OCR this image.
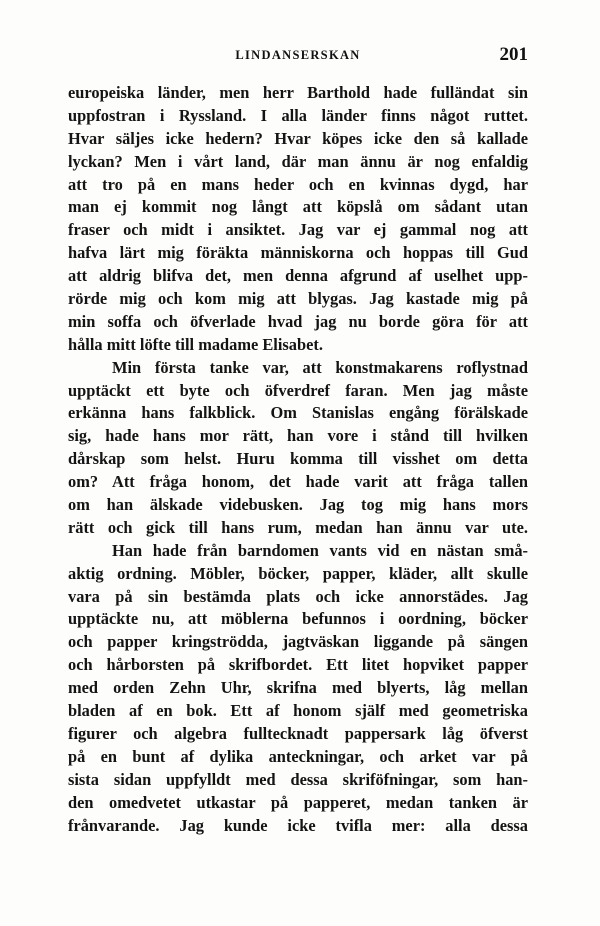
LINDANSERSKAN	201
europeiska länder, men herr Barthold hade fulländat sin
uppfostran i Ryssland. I alla länder finns något ruttet.
Hvar säljes icke hedern? Hvar köpes icke den så kallade
lyckan? Men i vårt land, där man ännu är nog enfaldig
att tro på en mans heder och en kvinnas dygd, har
man ej kommit nog långt att köpslå om sådant utan
fraser och midt i ansiktet. Jag var ej gammal nog att
hafva lärt mig föräkta människorna och hoppas till Gud
att aldrig blifva det, men denna afgrund af uselhet upp-
rörde mig och kom mig att blygas. Jag kastade mig på
min soffa och öfverlade hvad jag nu borde göra för att
hålla mitt löfte till madame Elisabet.
Min första tanke var, att konstmakarens roflystnad
upptäckt ett byte och öfverdref faran. Men jag måste
erkänna hans falkblick. Om Stanislas engång förälskade
sig, hade hans mor rätt, han vore i stånd till hvilken
dårskap som helst. Huru komma till visshet om detta
om? Att fråga honom, det hade varit att fråga tallen
om han älskade videbusken. Jag tog mig hans mors
rätt och gick till hans rum, medan han ännu var ute.
Han hade från barndomen vants vid en nästan små-
aktig ordning. Möbler, böcker, papper, kläder, allt skulle
vara på sin bestämda plats och icke annorstädes. Jag
upptäckte nu, att möblerna befunnos i oordning, böcker
och papper kringströdda, jagtväskan liggande på sängen
och hårborsten på skrifbordet. Ett litet hopviket papper
med orden Zehn Uhr, skrifna med blyerts, låg mellan
bladen af en bok. Ett af honom själf med geometriska
figurer och algebra fulltecknadt pappersark låg öfverst
på en bunt af dylika anteckningar, och arket var på
sista sidan uppfylldt med dessa skriföfningar, som han-
den omedvetet utkastar på papperet, medan tanken är
frånvarande. Jag kunde icke tvifla mer: alla dessa
